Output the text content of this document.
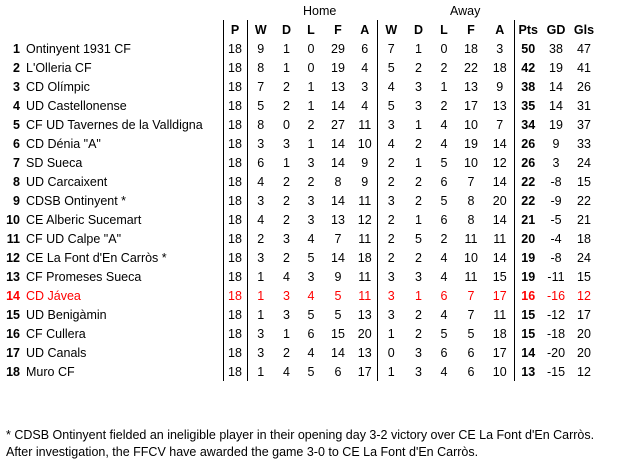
Home	Away
		P	W	D	L	F	A	W	D	L	F	A	Pts	GD	Gls
1	Ontinyent 1931 CF	18	9	1	0	29	6	7	1	0	18	3	50	38	47
2	L'Olleria CF	18	8	1	0	19	4	5	2	2	22	18	42	19	41
3	CD Olímpic	18	7	2	1	13	3	4	3	1	13	9	38	14	26
4	UD Castellonense	18	5	2	1	14	4	5	3	2	17	13	35	14	31
5	CF UD Tavernes de la Valldigna	18	8	0	2	27	11	3	1	4	10	7	34	19	37
6	CD Dénia "A"	18	3	3	1	14	10	4	2	4	19	14	26	9	33
7	SD Sueca	18	6	1	3	14	9	2	1	5	10	12	26	3	24
8	UD Carcaixent	18	4	2	2	8	9	2	2	6	7	14	22	-8	15
9	CDSB Ontinyent *	18	3	2	3	14	11	3	2	5	8	20	22	-9	22
10	CE Alberic Sucemart	18	4	2	3	13	12	2	1	6	8	14	21	-5	21
11	CF UD Calpe "A"	18	2	3	4	7	11	2	5	2	11	11	20	-4	18
12	CE La Font d'En Carròs *	18	3	2	5	14	18	2	2	4	10	14	19	-8	24
13	CF Promeses Sueca	18	1	4	3	9	11	3	3	4	11	15	19	-11	15
14	CD Jávea	18	1	3	4	5	11	3	1	6	7	17	16	-16	12
15	UD Benigàmin	18	1	3	5	5	13	3	2	4	7	11	15	-12	17
16	CF Cullera	18	3	1	6	15	20	1	2	5	5	18	15	-18	20
17	UD Canals	18	3	2	4	14	13	0	3	6	6	17	14	-20	20
18	Muro CF	18	1	4	5	6	17	1	3	4	6	10	13	-15	12
* CDSB Ontinyent fielded an ineligible player in their opening day 3-2 victory over CE La Font d'En Carròs.
After investigation, the FFCV have awarded the game 3-0 to CE La Font d'En Carròs.
